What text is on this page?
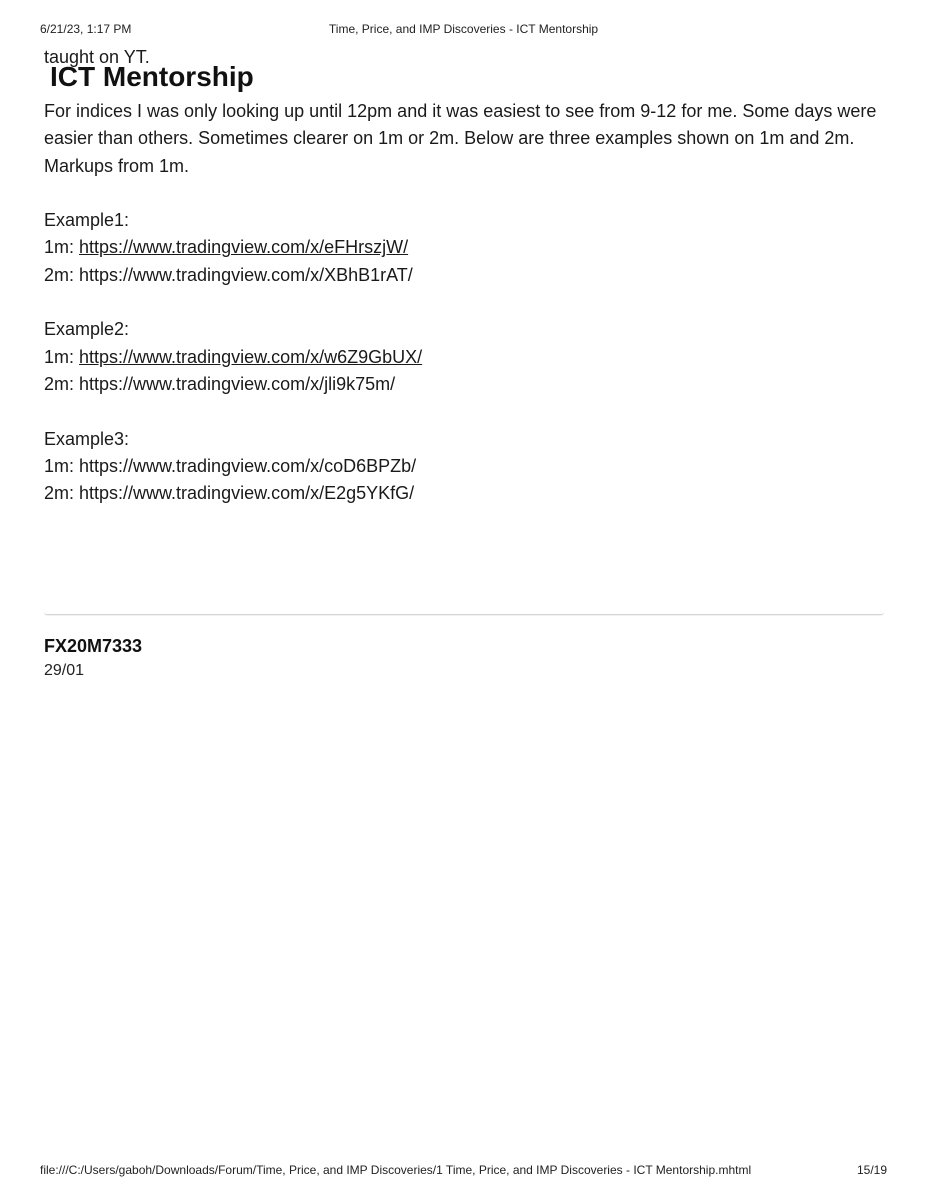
6/21/23, 1:17 PM	Time, Price, and IMP Discoveries - ICT Mentorship
taught on YT.
ICT Mentorship

For indices I was only looking up until 12pm and it was easiest to see from 9-12 for me. Some days were

easier than others. Sometimes clearer on 1m or 2m. Below are three examples shown on 1m and 2m.

Markups from 1m.

Example1:

1m: https://www.tradingview.com/x/eFHrszjW/

2m: https://www.tradingview.com/x/XBhB1rAT/

Example2:

1m: https://www.tradingview.com/x/w6Z9GbUX/

2m: https://www.tradingview.com/x/jli9k75m/

Example3:

1m: https://www.tradingview.com/x/coD6BPZb/

2m: https://www.tradingview.com/x/E2g5YKfG/

FX20M7333
29/01
file:///C:/Users/gaboh/Downloads/Forum/Time, Price, and IMP Discoveries/1 Time, Price, and IMP Discoveries - ICT Mentorship.mhtml	15/19
